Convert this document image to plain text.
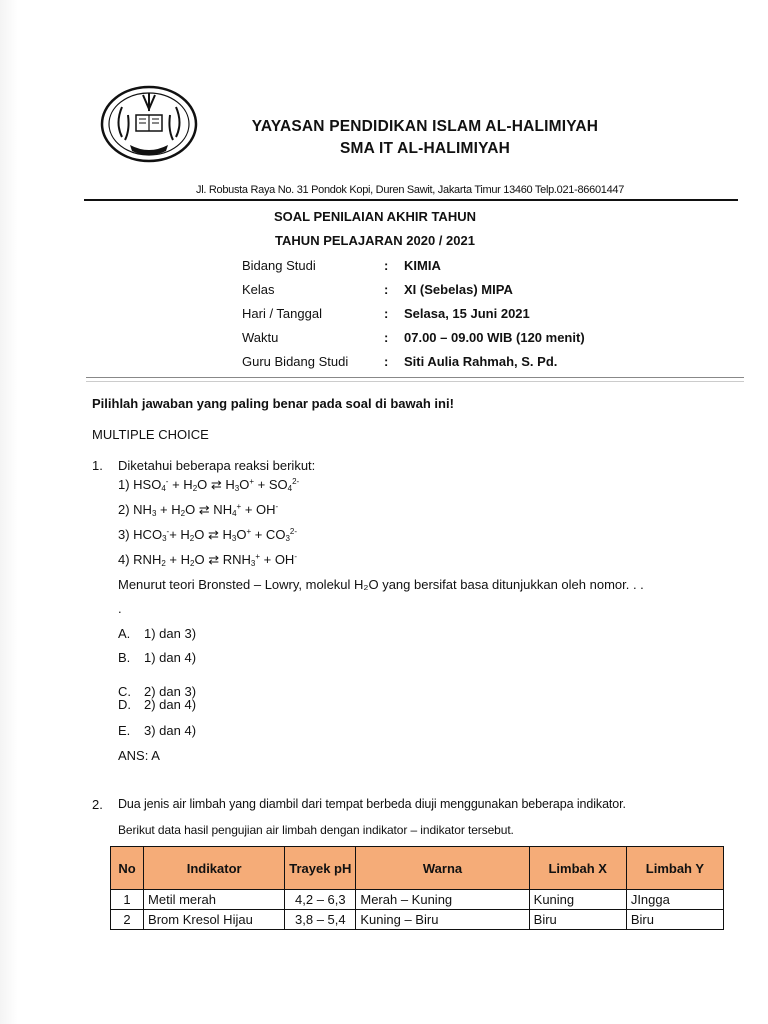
YAYASAN PENDIDIKAN ISLAM AL-HALIMIYAH
SMA IT AL-HALIMIYAH
Jl. Robusta Raya No. 31 Pondok Kopi, Duren Sawit, Jakarta Timur 13460 Telp.021-86601447
SOAL PENILAIAN AKHIR TAHUN
TAHUN PELAJARAN 2020 / 2021
Bidang Studi	: KIMIA
Kelas	: XI (Sebelas) MIPA
Hari / Tanggal	: Selasa, 15 Juni 2021
Waktu	: 07.00 – 09.00 WIB (120 menit)
Guru Bidang Studi	: Siti Aulia Rahmah, S. Pd.
Pilihlah jawaban yang paling benar pada soal di bawah ini!
MULTIPLE CHOICE
1. Diketahui beberapa reaksi berikut:
1) $HSO_4^- + H_2O$ ⇄ $H_3O^+ + SO_4^{2-}$
2) $NH_3 + H_2O$ ⇄ $NH_4^+ + OH^-$
3) $HCO_3^-+ H_2O$ ⇄ $H_3O^+ + CO_3^{2-}$
4) $RNH_2 + H_2O$ ⇄ $RNH_3^+ + OH^-$
Menurut teori Bronsted – Lowry, molekul H₂O yang bersifat basa ditunjukkan oleh nomor. . .
.
A. 1) dan 3)
B. 1) dan 4)
C. 2) dan 3)
D. 2) dan 4)
E. 3) dan 4)
ANS: A
2. Dua jenis air limbah yang diambil dari tempat berbeda diuji menggunakan beberapa indikator.
Berikut data hasil pengujian air limbah dengan indikator – indikator tersebut.
No	Indikator	Trayek pH	Warna	Limbah X	Limbah Y
1	Metil merah	4,2 – 6,3	Merah – Kuning	Kuning	JIngga
2	Brom Kresol Hijau	3,8 – 5,4	Kuning – Biru	Biru	Biru
